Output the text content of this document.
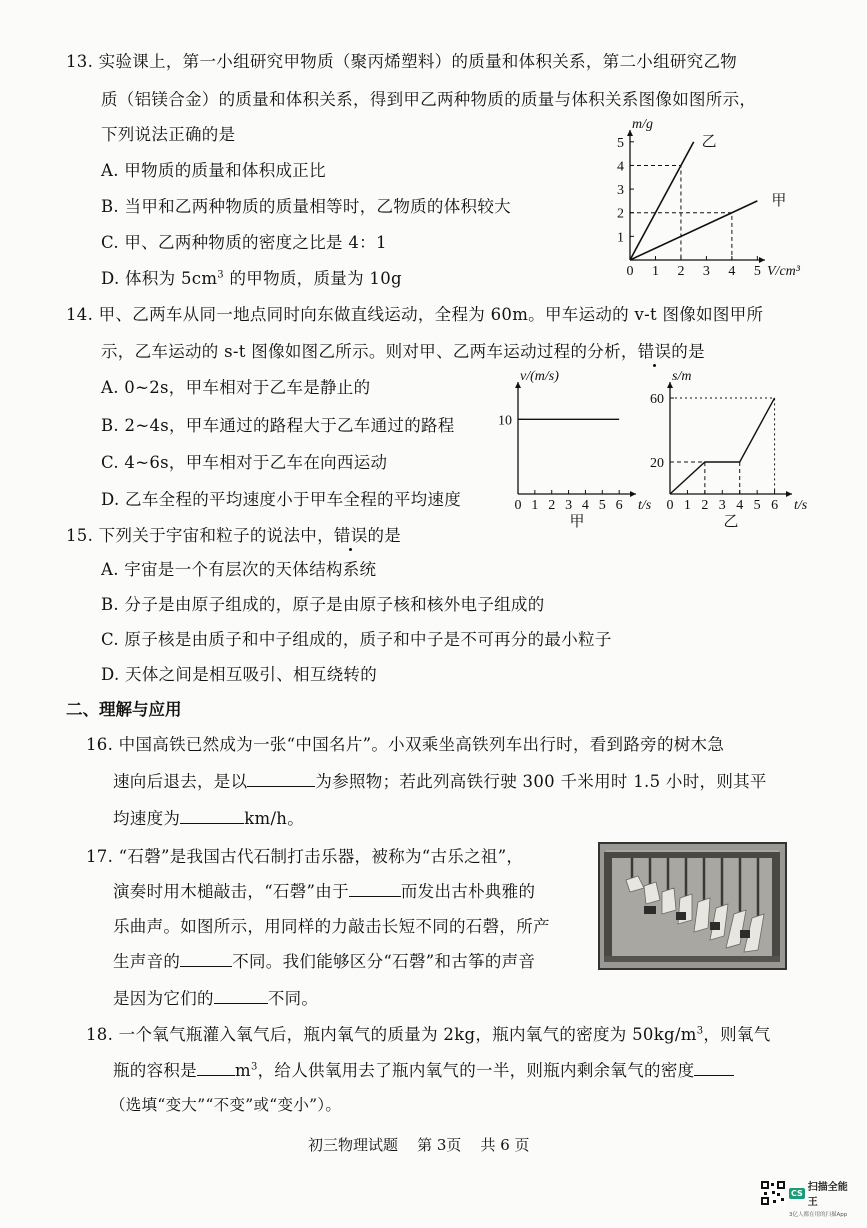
13. 实验课上，第一小组研究甲物质（聚丙烯塑料）的质量和体积关系，第二小组研究乙物
质（铝镁合金）的质量和体积关系，得到甲乙两种物质的质量与体积关系图像如图所示，
下列说法正确的是
A. 甲物质的质量和体积成正比
B. 当甲和乙两种物质的质量相等时，乙物质的体积较大
C. 甲、乙两种物质的密度之比是 4：1
D. 体积为 $5cm^3$ 的甲物质，质量为 10g	0 1 2 3 4 5
1
2
3
4
5
V/cm³
m/g
乙
甲
14. 甲、乙两车从同一地点同时向东做直线运动，全程为 60m。甲车运动的 v-t 图像如图甲所
示，乙车运动的 s-t 图像如图乙所示。则对甲、乙两车运动过程的分析，错误的是
A. 0~2s，甲车相对于乙车是静止的
B. 2~4s，甲车通过的路程大于乙车通过的路程
C. 4~6s，甲车相对于乙车在向西运动
D. 乙车全程的平均速度小于甲车全程的平均速度	0 1 2 3 4 5 6
10
t/s
v/(m/s)
甲
0 1 2 3 4 5 6
20
60
t/s
s/m
乙
15. 下列关于宇宙和粒子的说法中，错误的是
A. 宇宙是一个有层次的天体结构系统
B. 分子是由原子组成的，原子是由原子核和核外电子组成的
C. 原子核是由质子和中子组成的，质子和中子是不可再分的最小粒子
D. 天体之间是相互吸引、相互绕转的
二、理解与应用
16. 中国高铁已然成为一张“中国名片”。小双乘坐高铁列车出行时，看到路旁的树木急
速向后退去，是以	为参照物；若此列高铁行驶 300 千米用时 1.5 小时，则其平
均速度为	km/h。
17. “石磬”是我国古代石制打击乐器，被称为“古乐之祖”，
演奏时用木槌敲击，“石磬”由于	而发出古朴典雅的
乐曲声。如图所示，用同样的力敲击长短不同的石磬，所产
生声音的	不同。我们能够区分“石磬”和古筝的声音
是因为它们的	不同。
18. 一个氧气瓶灌入氧气后，瓶内氧气的质量为 2kg，瓶内氧气的密度为 $50kg/m^3$，则氧气
瓶的容积是 $m^3$，给人供氧用去了瓶内氧气的一半，则瓶内剩余氧气的密度
（选填“变大”“不变”或“变小”）。
初三物理试题    第 3页    共 6 页
CS 扫描全能王
3亿人都在用的扫描App
